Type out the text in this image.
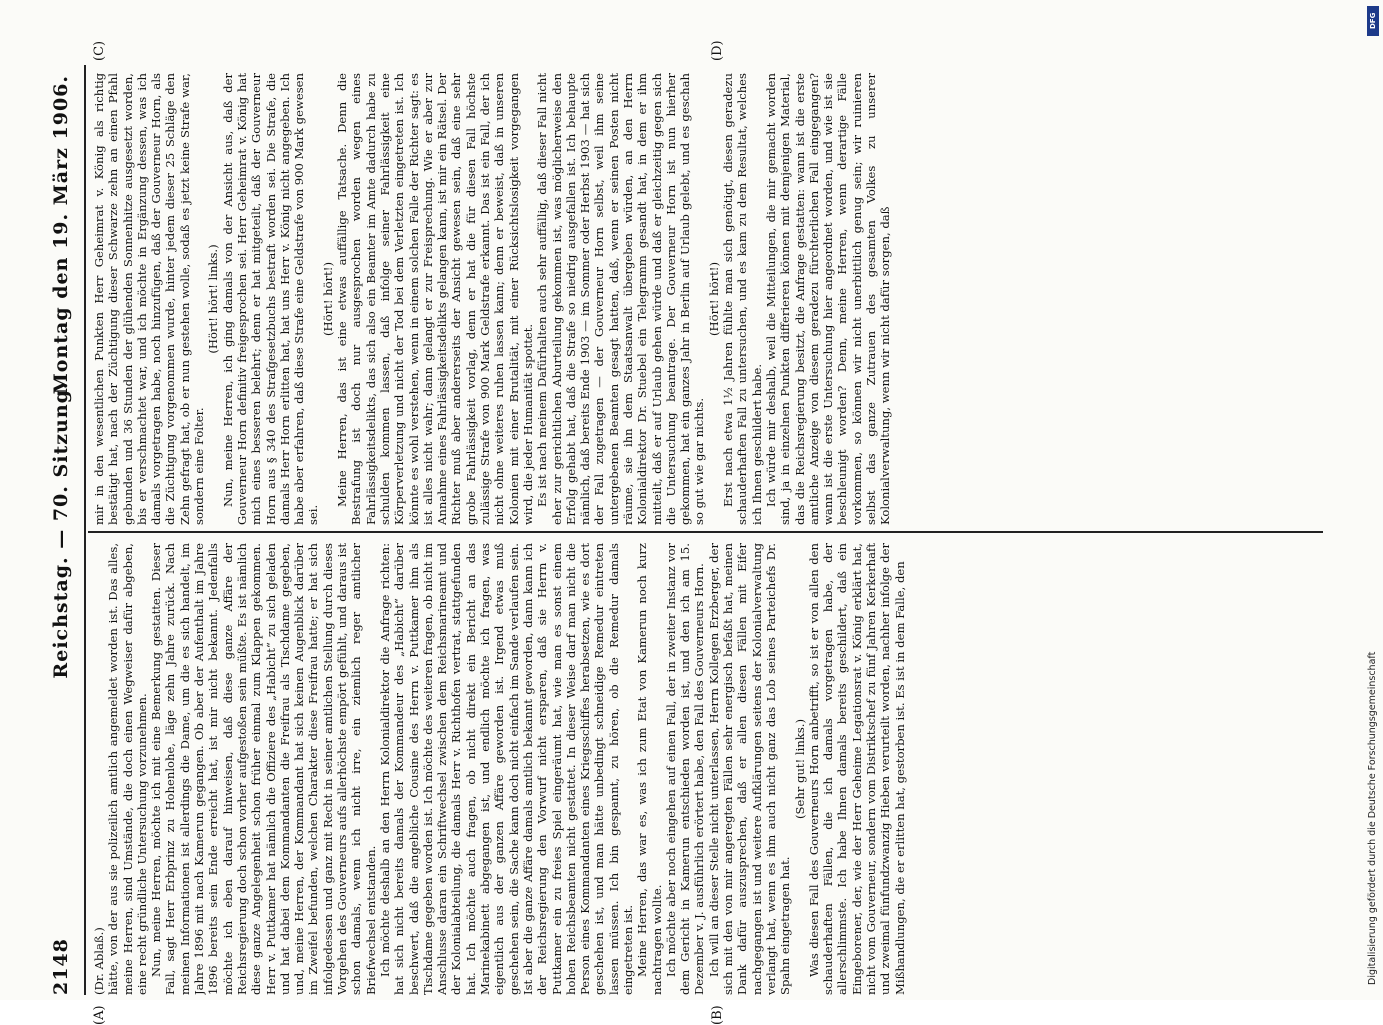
2148
Reichstag. — 70. Sitzung.
Montag den 19. März 1906.

(Dr. Ablaß.) hätte, von der aus sie polizeilich amtlich angemeldet worden ist. Das alles, meine Herren, sind Umstände, die doch einen Wegweiser dafür abgeben, eine recht gründliche Untersuchung vorzunehmen. Nun, meine Herren, möchte ich mit eine Bemerkung gestatten. Dieser Fall, sagt Herr Erbprinz zu Hohenlohe, läge zehn Jahre zurück. Nach meinen Informationen ist allerdings die Dame, um die es sich handelt, im Jahre 1896 mit nach Kamerun gegangen. Ob aber der Aufenthalt im Jahre 1896 bereits sein Ende erreicht hat, ist mir nicht bekannt. Jedenfalls möchte ich eben darauf hinweisen, daß diese ganze Affäre der Reichsregierung doch schon vorher aufgestoßen sein müßte. Es ist nämlich diese ganze Angelegenheit schon früher einmal zum Klappen gekommen. Herr v. Puttkamer hat nämlich die Offiziere des „Habicht“ zu sich geladen und hat dabei dem Kommandanten die Freifrau als Tischdame gegeben, und, meine Herren, der Kommandant hat sich keinen Augenblick darüber im Zweifel befunden, welchen Charakter diese Freifrau hatte; er hat sich infolgedessen und ganz mit Recht in seiner amtlichen Stellung durch dieses Vorgehen des Gouverneurs aufs allerhöchste empört gefühlt, und daraus ist schon damals, wenn ich nicht irre, ein ziemlich reger amtlicher Briefwechsel entstanden. Ich möchte deshalb an den Herrn Kolonialdirektor die Anfrage richten: hat sich nicht bereits damals der Kommandeur des „Habicht“ darüber beschwert, daß die angebliche Cousine des Herrn v. Puttkamer ihm als Tischdame gegeben worden ist. Ich möchte des weiteren fragen, ob nicht im Anschlusse daran ein Schriftwechsel zwischen dem Reichsmarineamt und der Kolonialabteilung, die damals Herr v. Richthofen vertrat, stattgefunden hat. Ich möchte auch fragen, ob nicht direkt ein Bericht an das Marinekabinett abgegangen ist, und endlich möchte ich fragen, was eigentlich aus der ganzen Affäre geworden ist. Irgend etwas muß geschehen sein, die Sache kann doch nicht einfach im Sande verlaufen sein. Ist aber die ganze Affäre damals amtlich bekannt geworden, dann kann ich der Reichsregierung den Vorwurf nicht ersparen, daß sie Herrn v. Puttkamer ein zu freies Spiel eingeräumt hat, wie man es sonst einem hohen Reichsbeamten nicht gestattet. In dieser Weise darf man nicht die Person eines Kommandanten eines Kriegsschiffes herabsetzen, wie es dort geschehen ist, und man hätte unbedingt schneidige Remedur eintreten lassen müssen. Ich bin gespannt, zu hören, ob die Remedur damals eingetreten ist. Meine Herren, das war es, was ich zum Etat von Kamerun noch kurz nachtragen wollte. Ich möchte aber noch eingehen auf einen Fall, der in zweiter Instanz vor dem Gericht in Kamerun entschieden worden ist, und den ich am 15. Dezember v. J. ausführlich erörtert habe, den Fall des Gouverneurs Horn. Ich will an dieser Stelle nicht unterlassen, Herrn Kollegen Erzberger, der sich mit den von mir angeregten Fällen sehr energisch befaßt hat, meinen Dank dafür auszusprechen, daß er allen diesen Fällen mit Eifer nachgegangen ist und weitere Aufklärungen seitens der Kolonialverwaltung verlangt hat, wenn es ihm auch nicht ganz das Lob seines Parteichefs Dr. Spahn eingetragen hat.

(Sehr gut! links.) Was diesen Fall des Gouverneurs Horn anbetrifft, so ist er von allen den schauderhaften Fällen, die ich damals vorgetragen habe, der allerschlimmste. Ich habe Ihnen damals bereits geschildert, daß ein Eingeborener, der, wie der Herr Geheime Legationsrat v. König erklärt hat, nicht vom Gouverneur, sondern vom Distriktschef zu fünf Jahren Kerkerhaft und zweimal fünfundzwanzig Hieben verurteilt worden, nachher infolge der Mißhandlungen, die er erlitten hat, gestorben ist. Es ist in dem Falle, den

mir in den wesentlichen Punkten Herr Geheimrat v. König als richtig bestätigt hat, nach der Züchtigung dieser Schwarze zehn an einen Pfahl gebunden und 36 Stunden der glühenden Sonnenhitze ausgesetzt worden, bis er verschmachtet war, und ich möchte in Ergänzung dessen, was ich damals vorgetragen habe, noch hinzufügen, daß der Gouverneur Horn, als die Züchtigung vorgenommen wurde, hinter jedem dieser 25 Schläge den Zehn gefragt hat, ob er nun gestehen wolle, sodaß es jetzt keine Strafe war, sondern eine Folter.

(Hört! hört! links.) Nun, meine Herren, ich ging damals von der Ansicht aus, daß der Gouverneur Horn definitiv freigesprochen sei. Herr Geheimrat v. König hat mich eines besseren belehrt; denn er hat mitgeteilt, daß der Gouverneur Horn aus § 340 des Strafgesetzbuchs bestraft worden sei. Die Strafe, die damals Herr Horn erlitten hat, hat uns Herr v. König nicht angegeben. Ich habe aber erfahren, daß diese Strafe eine Geldstrafe von 900 Mark gewesen sei.

(Hört! hört!) Meine Herren, das ist eine etwas auffällige Tatsache. Denn die Bestrafung ist doch nur ausgesprochen worden wegen eines Fahrlässigkeitsdelikts, das sich also ein Beamter im Amte dadurch habe zu schulden kommen lassen, daß infolge seiner Fahrlässigkeit eine Körperverletzung und nicht der Tod bei dem Verletzten eingetreten ist. Ich könnte es wohl verstehen, wenn in einem solchen Falle der Richter sagt: es ist alles nicht wahr; dann gelangt er zur Freisprechung. Wie er aber zur Annahme eines Fahrlässigkeitsdelikts gelangen kann, ist mir ein Rätsel. Der Richter muß aber andererseits der Ansicht gewesen sein, daß eine sehr grobe Fahrlässigkeit vorlag, denn er hat die für diesen Fall höchste zulässige Strafe von 900 Mark Geldstrafe erkannt. Das ist ein Fall, der ich nicht ohne weiteres ruhen lassen kann; denn er beweist, daß in unseren Kolonien mit einer Brutalität, mit einer Rücksichtslosigkeit vorgegangen wird, die jeder Humanität spottet. Es ist nach meinem Dafürhalten auch sehr auffällig, daß dieser Fall nicht eher zur gerichtlichen Aburteilung gekommen ist, was möglicherweise den Erfolg gehabt hat, daß die Strafe so niedrig ausgefallen ist. Ich behaupte nämlich, daß bereits Ende 1903 — im Sommer oder Herbst 1903 — hat sich der Fall zugetragen — der Gouverneur Horn selbst, weil ihm seine untergebenen Beamten gesagt hatten, daß, wenn er seinen Posten nicht räume, sie ihn dem Staatsanwalt übergeben würden, an den Herrn Kolonialdirektor Dr. Stuebel ein Telegramm gesandt hat, in dem er ihm mitteilt, daß er auf Urlaub gehen würde und daß er gleichzeitig gegen sich die Untersuchung beantrage. Der Gouverneur Horn ist nun hierher gekommen, hat ein ganzes Jahr in Berlin auf Urlaub gelebt, und es geschah so gut wie gar nichts.

(Hört! hört!) Erst nach etwa 1½ Jahren fühlte man sich genötigt, diesen geradezu schauderhaften Fall zu untersuchen, und es kam zu dem Resultat, welches ich Ihnen geschildert habe. Ich würde mir deshalb, weil die Mitteilungen, die mir gemacht worden sind, ja in einzelnen Punkten differieren können mit demjenigen Material, das die Reichsregierung besitzt, die Anfrage gestatten: wann ist die erste amtliche Anzeige von diesem geradezu fürchterlichen Fall eingegangen? wann ist die erste Untersuchung hier angeordnet worden, und wie ist sie beschleunigt worden? Denn, meine Herren, wenn derartige Fälle vorkommen, so können wir nicht unerbittlich genug sein; wir ruinieren selbst das ganze Zutrauen des gesamten Volkes zu unserer Kolonialverwaltung, wenn wir nicht dafür sorgen, daß

(A)	(B)
(C)	(D)
Digitalisierung gefördert durch die Deutsche Forschungsgemeinschaft
DFG
